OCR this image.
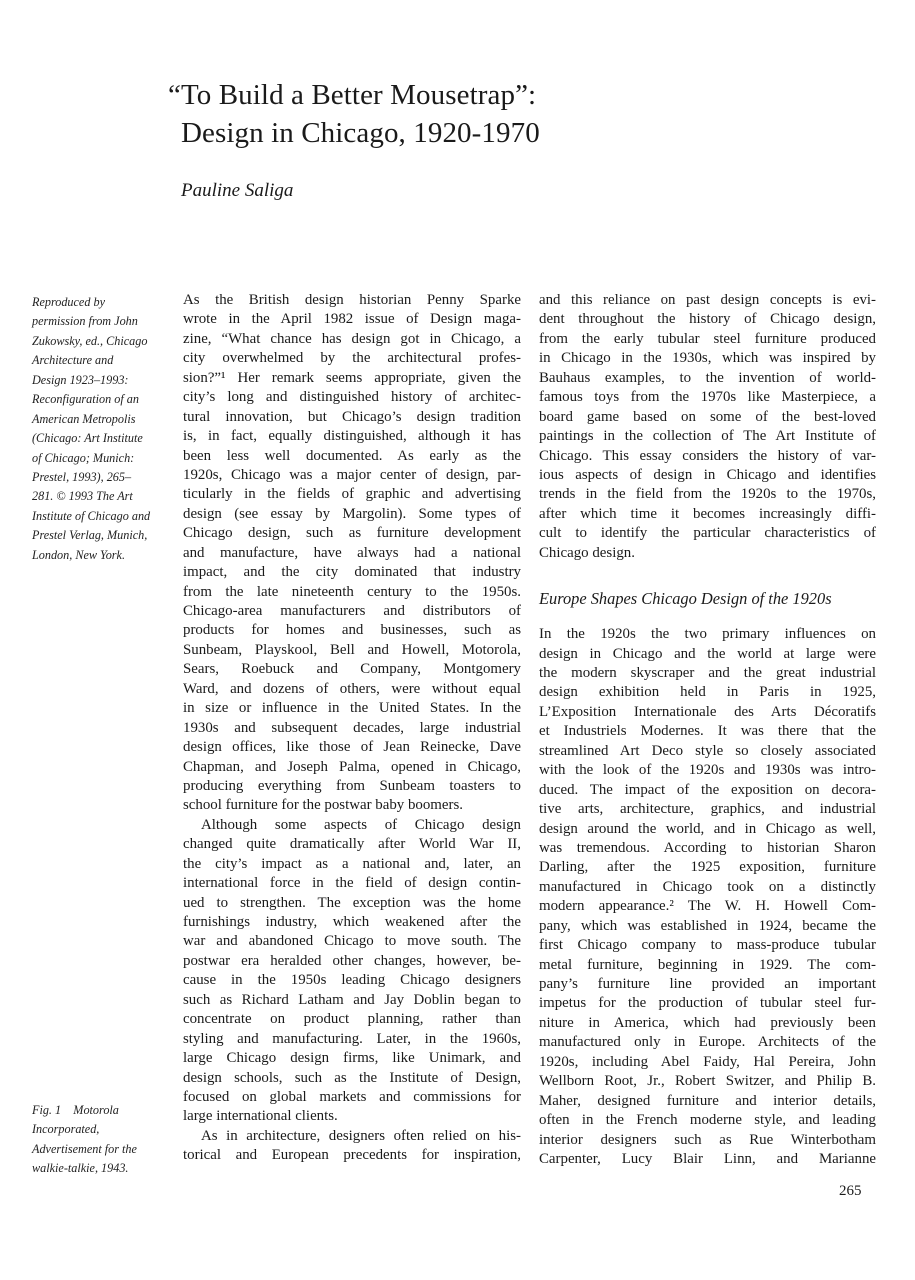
“To Build a Better Mousetrap”:
Design in Chicago, 1920-1970

Pauline Saliga

Reproduced by
permission from John
Zukowsky, ed., Chicago
Architecture and
Design 1923–1993:
Reconfiguration of an
American Metropolis
(Chicago: Art Institute
of Chicago; Munich:
Prestel, 1993), 265–
281. © 1993 The Art
Institute of Chicago and
Prestel Verlag, Munich,
London, New York.
Fig. 1    Motorola
Incorporated,
Advertisement for the
walkie-talkie, 1943.
As the British design historian Penny Sparke
wrote in the April 1982 issue of Design maga-
zine, “What chance has design got in Chicago, a
city overwhelmed by the architectural profes-
sion?”¹ Her remark seems appropriate, given the
city’s long and distinguished history of architec-
tural innovation, but Chicago’s design tradition
is, in fact, equally distinguished, although it has
been less well documented. As early as the
1920s, Chicago was a major center of design, par-
ticularly in the fields of graphic and advertising
design (see essay by Margolin). Some types of
Chicago design, such as furniture development
and manufacture, have always had a national
impact, and the city dominated that industry
from the late nineteenth century to the 1950s.
Chicago-area manufacturers and distributors of
products for homes and businesses, such as
Sunbeam, Playskool, Bell and Howell, Motorola,
Sears, Roebuck and Company, Montgomery
Ward, and dozens of others, were without equal
in size or influence in the United States. In the
1930s and subsequent decades, large industrial
design offices, like those of Jean Reinecke, Dave
Chapman, and Joseph Palma, opened in Chicago,
producing everything from Sunbeam toasters to
school furniture for the postwar baby boomers.
Although some aspects of Chicago design
changed quite dramatically after World War II,
the city’s impact as a national and, later, an
international force in the field of design contin-
ued to strengthen. The exception was the home
furnishings industry, which weakened after the
war and abandoned Chicago to move south. The
postwar era heralded other changes, however, be-
cause in the 1950s leading Chicago designers
such as Richard Latham and Jay Doblin began to
concentrate on product planning, rather than
styling and manufacturing. Later, in the 1960s,
large Chicago design firms, like Unimark, and
design schools, such as the Institute of Design,
focused on global markets and commissions for
large international clients.
As in architecture, designers often relied on his-
torical and European precedents for inspiration,
and this reliance on past design concepts is evi-
dent throughout the history of Chicago design,
from the early tubular steel furniture produced
in Chicago in the 1930s, which was inspired by
Bauhaus examples, to the invention of world-
famous toys from the 1970s like Masterpiece, a
board game based on some of the best-loved
paintings in the collection of The Art Institute of
Chicago. This essay considers the history of var-
ious aspects of design in Chicago and identifies
trends in the field from the 1920s to the 1970s,
after which time it becomes increasingly diffi-
cult to identify the particular characteristics of
Chicago design.
Europe Shapes Chicago Design of the 1920s
In the 1920s the two primary influences on
design in Chicago and the world at large were
the modern skyscraper and the great industrial
design exhibition held in Paris in 1925,
L’Exposition Internationale des Arts Décoratifs
et Industriels Modernes. It was there that the
streamlined Art Deco style so closely associated
with the look of the 1920s and 1930s was intro-
duced. The impact of the exposition on decora-
tive arts, architecture, graphics, and industrial
design around the world, and in Chicago as well,
was tremendous. According to historian Sharon
Darling, after the 1925 exposition, furniture
manufactured in Chicago took on a distinctly
modern appearance.² The W. H. Howell Com-
pany, which was established in 1924, became the
first Chicago company to mass-produce tubular
metal furniture, beginning in 1929. The com-
pany’s furniture line provided an important
impetus for the production of tubular steel fur-
niture in America, which had previously been
manufactured only in Europe. Architects of the
1920s, including Abel Faidy, Hal Pereira, John
Wellborn Root, Jr., Robert Switzer, and Philip B.
Maher, designed furniture and interior details,
often in the French moderne style, and leading
interior designers such as Rue Winterbotham
Carpenter, Lucy Blair Linn, and Marianne
265
